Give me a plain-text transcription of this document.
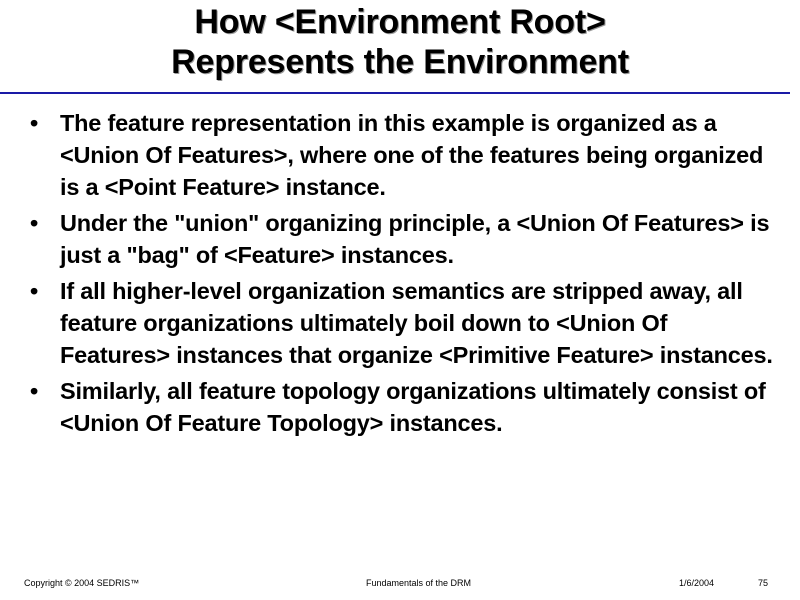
How <Environment Root>
Represents the Environment
• The feature representation in this example is organized as a <Union Of Features>, where one of the features being organized is a <Point Feature> instance.
• Under the "union" organizing principle, a <Union Of Features> is just a "bag" of <Feature> instances.
• If all higher-level organization semantics are stripped away, all feature organizations ultimately boil down to <Union Of Features> instances that organize <Primitive Feature> instances.
• Similarly, all feature topology organizations ultimately consist of <Union Of Feature Topology> instances.
Copyright © 2004 SEDRIS™	Fundamentals of the DRM	1/6/2004	75
